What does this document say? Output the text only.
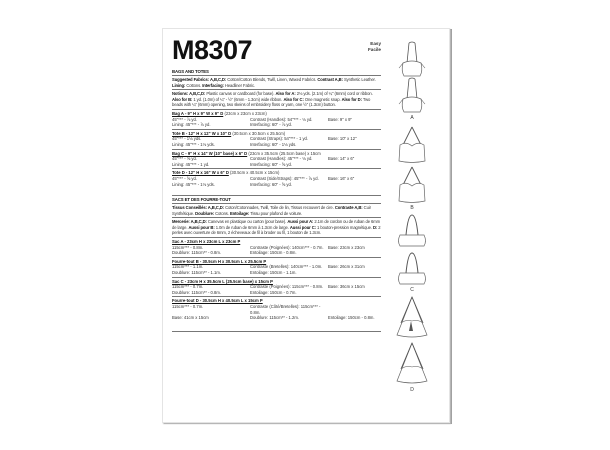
M8307	Easy
Facile
BAGS AND TOTES
Suggested Fabrics: A,B,C,D: Cotton/Cotton Blends, Twill, Linen, Waxed Fabrics. Contrast A,B: Synthetic Leather. Lining: Cottons. Interfacing: Headliner Fabric.
Notions: A,B,C,D: Plastic canvas or cardboard (for base). Also for A: 2⅛ yds. (2.1m) of ¼" (6mm) cord or ribbon. Also for B: 1 yd. (1.0m) of ¼" - ½" (6mm - 1.3cm) wide ribbon. Also for C: One magnetic snap. Also for D: Two beads with ¼" (6mm) opening, two skeins of embroidery floss or yarn, one ½" (1.3cm) button.
Bag A - 9" H x 9" W x 9" D (23cm x 23cm x 23cm)
45"*** - ⅞ yd.	Contrast (Handles): 54"*** - ⅛ yd.	Base: 9" x 9"
Lining: 45"*** - ⅞ yd.	Interfacing: 60" - ⅞ yd.
Tote B - 12" H x 12" W x 10" D (30.5cm x 30.5cm x 25.5cm)
45"*** - 1⅛ yds.	Contrast (Straps): 54"*** - 1 yd.	Base: 10" x 12"
Lining: 45"*** - 1⅛ yds.	Interfacing: 60" - 1⅛ yds.
Bag C - 9" H x 14" W (10" base) x 6" D (23cm x 35.5cm (25.5cm base) x 15cm
45"*** - ⅝ yd.	Contrast (Handles): 45"*** - ⅛ yd.	Base: 14" x 6"
Lining: 45"*** - 1 yd.	Interfacing: 60" - ⅝ yd.
Tote D - 12" H x 16" W x 6" D (30.5cm x 40.5cm x 15cm)
45"*** - ⅝ yd.	Contrast (Side/Straps): 45"*** - ⅞ yd.	Base: 16" x 6"
Lining: 45"*** - 1⅛ yds.	Interfacing: 60" - ⅝ yd.
SACS ET DES FOURRE-TOUT
Tissus Conseillés: A,B,C,D: Coton/Cotonnades, Twill, Toile de lin, Tissus recouvert de cire. Contraste A,B: Cuir Synthétique. Doublure: Cotons. Entoilage: Tissu pour plafond de voiture.
Mercerie: A,B,C,D: Canevas en plastique ou carton (pour base). Aussi pour A: 2.1m de cordon ou de ruban de 6mm de large. Aussi pour B: 1.0m de ruban de 6mm à 1.3cm de large. Aussi pour C: 1 bouton-pression magnétique. D: 2 perles avec ouverture de 6mm, 2 écheveaux de fil à broder ou fil, 1 bouton de 1.3cm.
Sac A - 23cm H x 23cm L x 23cm P
115cm*** - 0.8m.	Contraste (Poignées): 140cm*** - 0.7m.	Base: 23cm x 23cm
Doublure: 115cm** - 0.8m.	Entoilage: 150cm - 0.8m.
Fourre-tout B - 30.5cm H x 30.5cm L x 25.5cm P
115cm*** - 1.1m.	Contraste (Bretelles): 140cm*** - 1.0m.	Base: 26cm x 31cm
Doublure: 115cm** - 1.1m.	Entoilage: 150cm - 1.1m.
Sac C - 23cm H x 35.5cm L (25.5cm base) x 15cm P
115cm*** - 0.7m.	Contraste (Poignées): 115cm*** - 0.8m.	Base: 36cm x 15cm
Doublure: 115cm** - 0.8m.	Entoilage: 150cm - 0.7m.
Fourre-tout D - 30.5cm H x 40.5cm L x 15cm P
115cm*** - 0.7m.	Contraste (Côté/Bretelles): 115cm*** - 0.8m.
Base: 41cm x 15cm	Doublure: 115cm** - 1.2m.	Entoilage: 150cm - 0.8m.
A
B
C
D
